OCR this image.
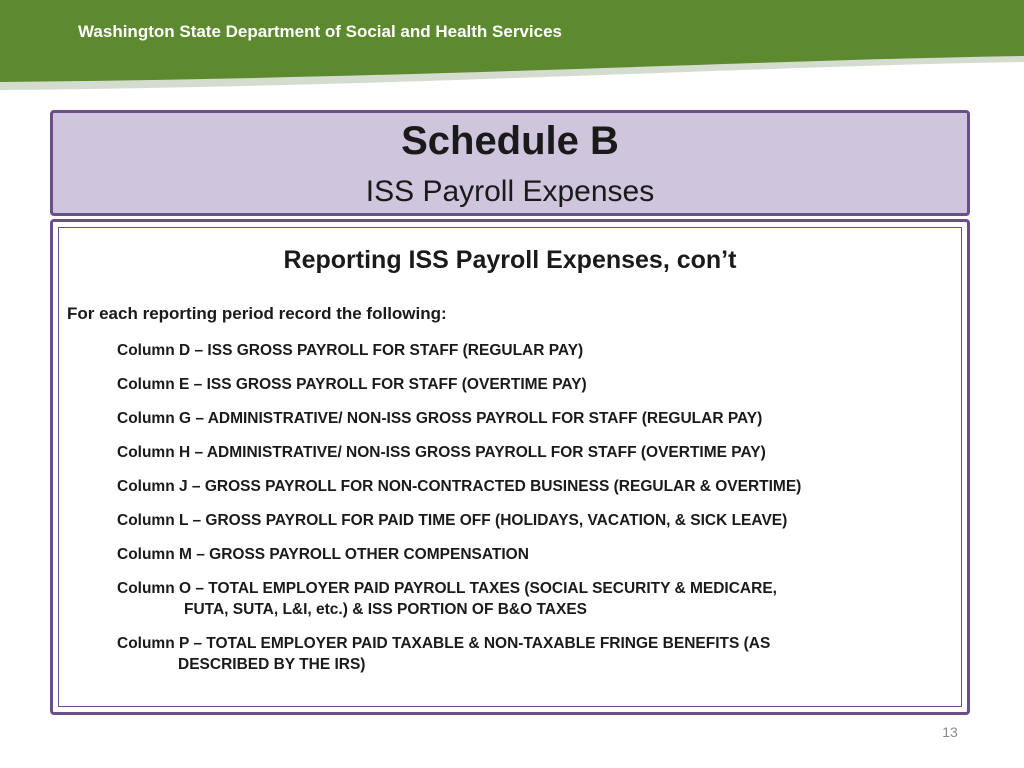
Washington State Department of Social and Health Services
Schedule B
ISS Payroll Expenses
Reporting ISS Payroll Expenses, con’t
For each reporting period record the following:
Column D – ISS GROSS PAYROLL FOR STAFF (REGULAR PAY)
Column E – ISS GROSS PAYROLL FOR STAFF (OVERTIME PAY)
Column G – ADMINISTRATIVE/ NON-ISS GROSS PAYROLL FOR STAFF (REGULAR PAY)
Column H – ADMINISTRATIVE/ NON-ISS GROSS PAYROLL FOR STAFF (OVERTIME PAY)
Column J – GROSS PAYROLL FOR NON-CONTRACTED BUSINESS (REGULAR & OVERTIME)
Column L – GROSS PAYROLL FOR PAID TIME OFF (HOLIDAYS, VACATION, & SICK LEAVE)
Column M – GROSS PAYROLL OTHER COMPENSATION
Column O – TOTAL EMPLOYER PAID PAYROLL TAXES (SOCIAL SECURITY & MEDICARE,
FUTA, SUTA, L&I, etc.) & ISS PORTION OF B&O TAXES
Column P – TOTAL EMPLOYER PAID TAXABLE & NON-TAXABLE FRINGE BENEFITS (AS
DESCRIBED BY THE IRS)
13
